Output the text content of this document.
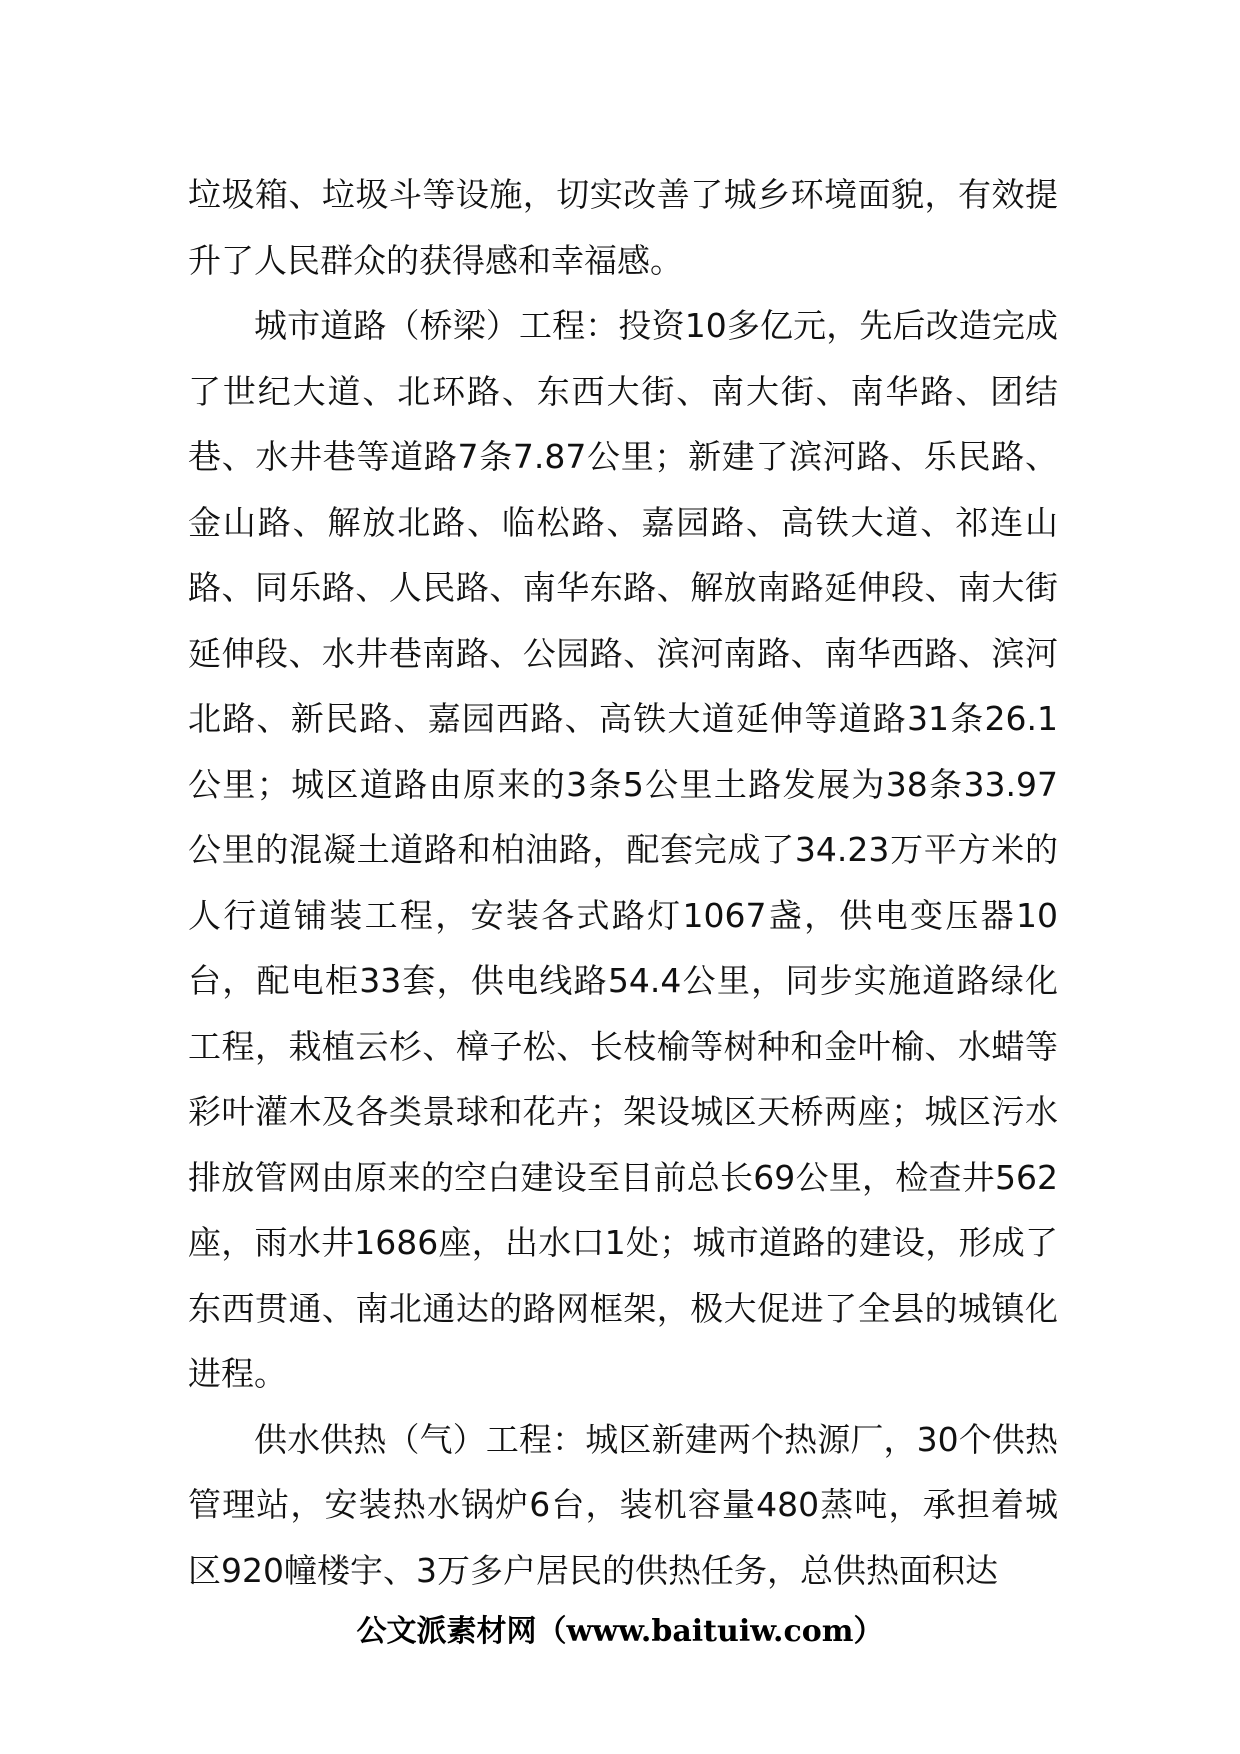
垃圾箱、垃圾斗等设施，切实改善了城乡环境面貌，有效提升了人民群众的获得感和幸福感。

城市道路（桥梁）工程：投资10多亿元，先后改造完成了世纪大道、北环路、东西大街、南大街、南华路、团结巷、水井巷等道路7条7.87公里；新建了滨河路、乐民路、金山路、解放北路、临松路、嘉园路、高铁大道、祁连山路、同乐路、人民路、南华东路、解放南路延伸段、南大街延伸段、水井巷南路、公园路、滨河南路、南华西路、滨河北路、新民路、嘉园西路、高铁大道延伸等道路31条26.1公里；城区道路由原来的3条5公里土路发展为38条33.97公里的混凝土道路和柏油路，配套完成了34.23万平方米的人行道铺装工程，安装各式路灯1067盏，供电变压器10台，配电柜33套，供电线路54.4公里，同步实施道路绿化工程，栽植云杉、樟子松、长枝榆等树种和金叶榆、水蜡等彩叶灌木及各类景球和花卉；架设城区天桥两座；城区污水排放管网由原来的空白建设至目前总长69公里，检查井562座，雨水井1686座，出水口1处；城市道路的建设，形成了东西贯通、南北通达的路网框架，极大促进了全县的城镇化进程。

供水供热（气）工程：城区新建两个热源厂，30个供热管理站，安装热水锅炉6台，装机容量480蒸吨，承担着城区920幢楼宇、3万多户居民的供热任务，总供热面积达

公文派素材网（www.baituiw.com）
